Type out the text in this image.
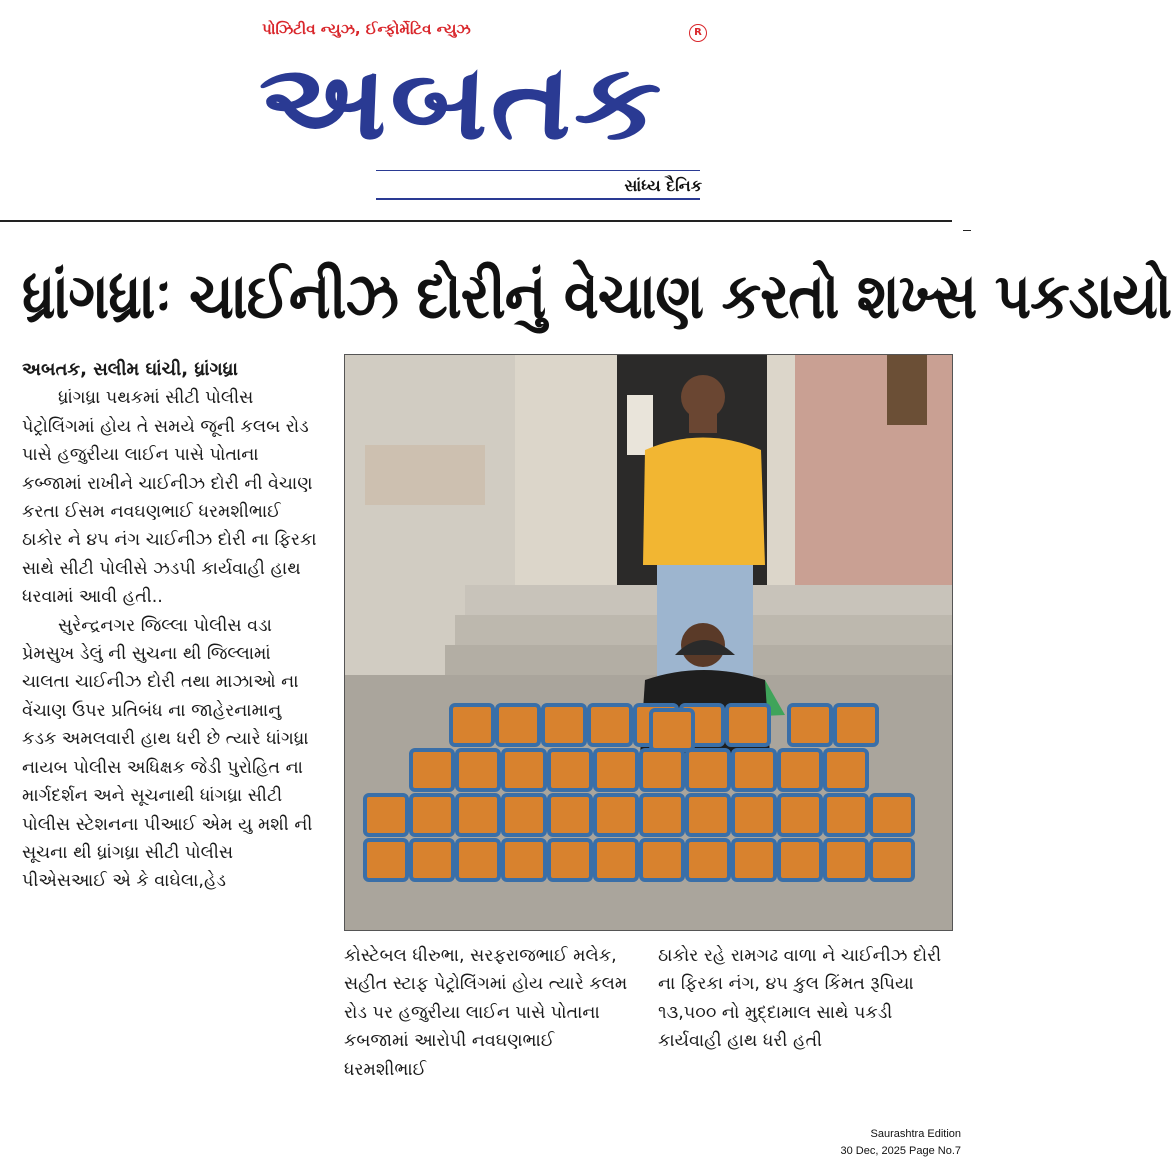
પોઝિટીવ ન્યુઝ, ઈન્ફોર્મેટિવ ન્યુઝ
અબતક
R
સાંધ્ય દૈનિક
ધ્રાંગધ્રાઃ ચાઈનીઝ દોરીનું વેચાણ કરતો શખ્સ પકડાયો

અબતક, સલીમ ઘાંચી, ધ્રાંગધ્રા

ધ્રાંગધ્રા પથકમાં સીટી પોલીસ પેટ્રોલિંગમાં હોય તે સમયે જૂની કલબ રોડ પાસે હજુરીયા લાઈન પાસે પોતાના કબ્જામાં રાખીને ચાઈનીઝ દોરી ની વેચાણ કરતા ઈસમ નવઘણભાઈ ધરમશીભાઈ ઠાકોર ને ૪૫ નંગ ચાઈનીઝ દોરી ના ફિરકા સાથે સીટી પોલીસે ઝડપી કાર્યવાહી હાથ ધરવામાં આવી હતી..

સુરેન્દ્રનગર જિલ્લા પોલીસ વડા પ્રેમસુખ ડેલું ની સુચના થી જિલ્લામાં ચાલતા ચાઈનીઝ દોરી તથા માઝાઓ ના વેંચાણ ઉપર પ્રતિબંધ ના જાહેરનામાનુ કડક અમલવારી હાથ ધરી છે ત્યારે ધાંગધ્રા નાયબ પોલીસ અધિક્ષક જેડી પુરોહિત ના માર્ગદર્શન અને સૂચનાથી ધાંગધ્રા સીટી પોલીસ સ્ટેશનના પીઆઈ એમ યુ મશી ની સૂચના થી ધ્રાંગધ્રા સીટી પોલીસ પીએસઆઈ એ કે વાઘેલા,હેડ

કોસ્ટેબલ ધીરુભા, સરફરાજભાઈ મલેક, સહીત સ્ટાફ પેટ્રોલિંગમાં હોય ત્યારે કલમ રોડ પર હજુરીયા લાઈન પાસે પોતાના કબજામાં આરોપી નવઘણભાઈ ધરમશીભાઈ

ઠાકોર રહે રામગઢ વાળા ને ચાઈનીઝ દોરી ના ફિરકા નંગ, ૪૫ કુલ કિંમત રૂપિયા ૧૩,૫૦૦ નો મુદ્દામાલ સાથે પકડી કાર્યવાહી હાથ ધરી હતી

Saurashtra Edition
30 Dec, 2025 Page No.7
